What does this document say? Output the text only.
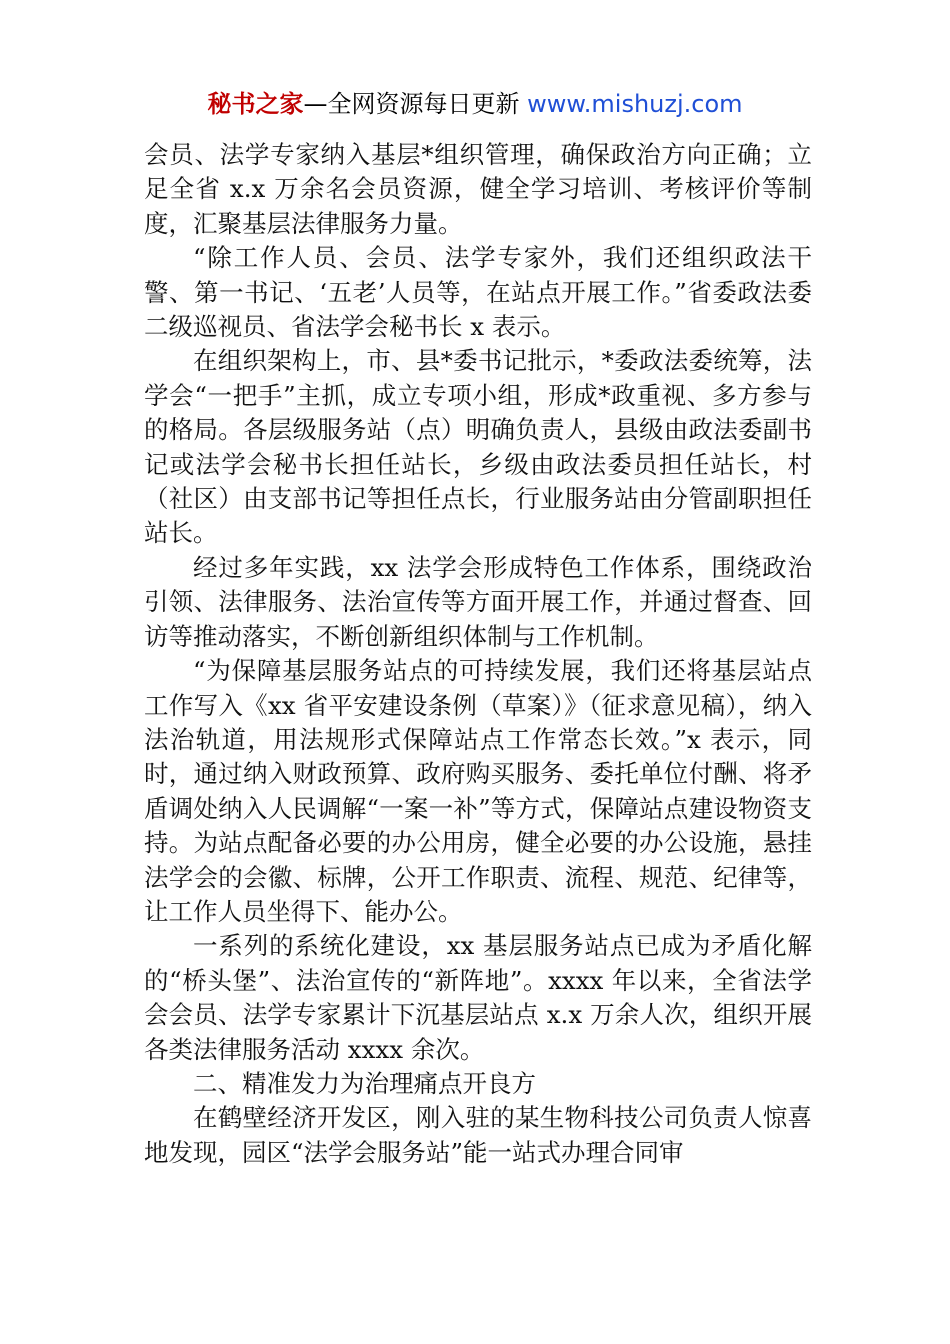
秘书之家—全网资源每日更新 www.mishuzj.com

会员、法学专家纳入基层*组织管理，确保政治方向正确；立足全省 x.x 万余名会员资源，健全学习培训、考核评价等制度，汇聚基层法律服务力量。

“除工作人员、会员、法学专家外，我们还组织政法干警、第一书记、‘五老’人员等，在站点开展工作。”省委政法委二级巡视员、省法学会秘书长 x 表示。

在组织架构上，市、县*委书记批示，*委政法委统筹，法学会“一把手”主抓，成立专项小组，形成*政重视、多方参与的格局。各层级服务站（点）明确负责人，县级由政法委副书记或法学会秘书长担任站长，乡级由政法委员担任站长，村（社区）由支部书记等担任点长，行业服务站由分管副职担任站长。

经过多年实践，xx 法学会形成特色工作体系，围绕政治引领、法律服务、法治宣传等方面开展工作，并通过督查、回访等推动落实，不断创新组织体制与工作机制。

“为保障基层服务站点的可持续发展，我们还将基层站点工作写入《xx 省平安建设条例（草案）》（征求意见稿），纳入法治轨道，用法规形式保障站点工作常态长效。”x 表示，同时，通过纳入财政预算、政府购买服务、委托单位付酬、将矛盾调处纳入人民调解“一案一补”等方式，保障站点建设物资支持。为站点配备必要的办公用房，健全必要的办公设施，悬挂法学会的会徽、标牌，公开工作职责、流程、规范、纪律等，让工作人员坐得下、能办公。

一系列的系统化建设，xx 基层服务站点已成为矛盾化解的“桥头堡”、法治宣传的“新阵地”。xxxx 年以来，全省法学会会员、法学专家累计下沉基层站点 x.x 万余人次，组织开展各类法律服务活动 xxxx 余次。

二、精准发力为治理痛点开良方

在鹤壁经济开发区，刚入驻的某生物科技公司负责人惊喜地发现，园区“法学会服务站”能一站式办理合同审
